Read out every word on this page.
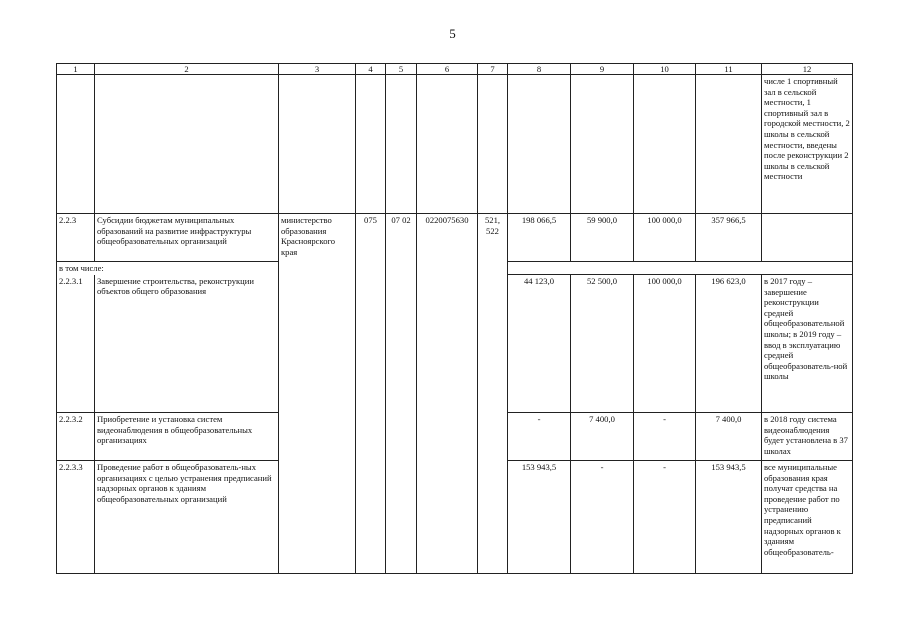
5
1	2	3	4	5	6	7	8	9	10	11	12
											числе 1 спортивный зал в сельской местности, 1 спортивный зал в городской местности, 2 школы в сельской местности, введены после реконструкции 2 школы в сельской местности
2.2.3	Субсидии бюджетам муниципальных образований на развитие инфраструктуры общеобразовательных организаций	министерство образования Красноярского края	075	07 02	0220075630	521, 522	198 066,5	59 900,0	100 000,0	357 966,5	
в том числе:											
2.2.3.1	Завершение строительства, реконструкции объектов общего образования						44 123,0	52 500,0	100 000,0	196 623,0	в 2017 году – завершение реконструкции средней общеобразовательной школы; в 2019 году – ввод в эксплуатацию средней общеобразователь-ной школы
2.2.3.2	Приобретение и установка систем видеонаблюдения в общеобразовательных организациях						-	7 400,0	-	7 400,0	в 2018 году система видеонаблюдения будет установлена в 37 школах
2.2.3.3	Проведение работ в общеобразователь-ных организациях с целью устранения предписаний надзорных органов к зданиям общеобразовательных организаций						153 943,5	-	-	153 943,5	все муниципальные образования края получат средства на проведение работ по устранению предписаний надзорных органов к зданиям общеобразователь-
